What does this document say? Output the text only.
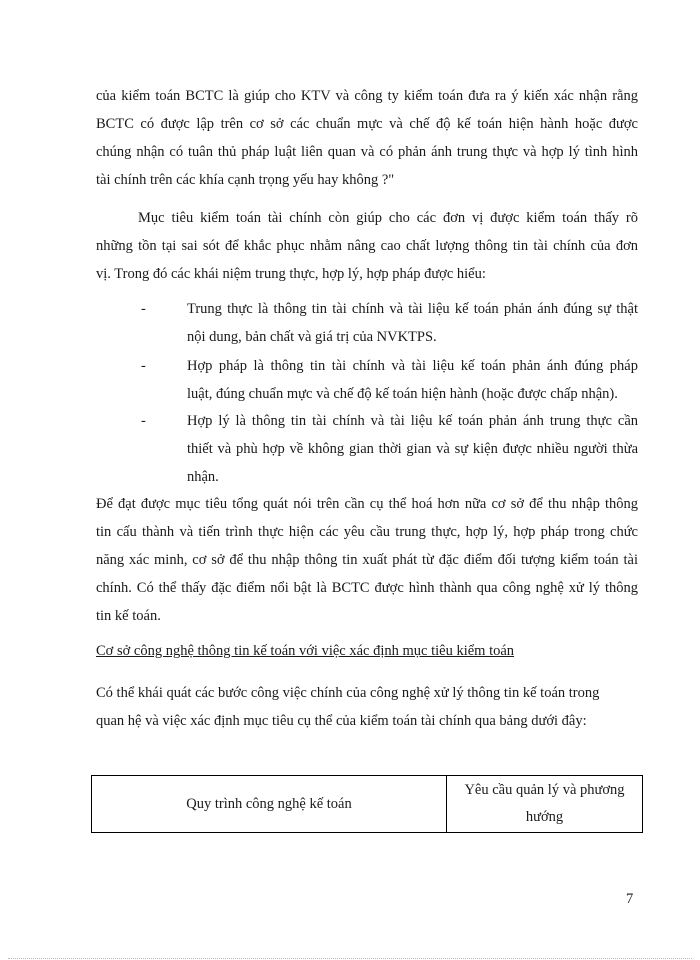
của kiểm toán BCTC là giúp cho KTV và công ty kiểm toán đưa ra ý kiến xác nhận rằng
BCTC có được lập trên cơ sở các chuẩn mực và chế độ kế toán hiện hành hoặc được
chúng nhận có tuân thủ pháp luật liên quan và có phản ánh trung thực và hợp lý tình hình
tài chính trên các khía cạnh trọng yếu hay không ?"
Mục tiêu kiểm toán tài chính còn giúp cho các đơn vị được kiểm toán thấy rõ
những tồn tại sai sót để khắc phục nhằm nâng cao chất lượng thông tin tài chính của đơn
vị. Trong đó các khái niệm trung thực, hợp lý, hợp pháp được hiểu:
-	Trung thực là thông tin tài chính và tài liệu kế toán phản ánh đúng sự thật
nội dung, bản chất và giá trị của NVKTPS.
-	Hợp pháp là thông tin tài chính và tài liệu kế toán phản ánh đúng pháp
luật, đúng chuẩn mực và chế độ kế toán hiện hành (hoặc được chấp nhận).
-	Hợp lý là thông tin tài chính và tài liệu kế toán phản ánh trung thực cần
thiết và phù hợp về không gian thời gian và sự kiện được nhiều người thừa
nhận.
Để đạt được mục tiêu tổng quát nói trên cần cụ thể hoá hơn nữa cơ sở để thu nhập thông
tin cấu thành và tiến trình thực hiện các yêu cầu trung thực, hợp lý, hợp pháp trong chức
năng xác minh, cơ sở để thu nhập thông tin xuất phát từ đặc điểm đối tượng kiểm toán tài
chính. Có thể thấy đặc điểm nổi bật là BCTC được hình thành qua công nghệ xử lý thông
tin kế toán.
Cơ sở công nghệ thông tin kế toán với việc xác định mục tiêu kiểm toán
Có thể khái quát các bước công việc chính của công nghệ xử lý thông tin kế toán trong
quan hệ và việc xác định mục tiêu cụ thể của kiểm toán tài chính qua bảng dưới đây:
Quy trình công nghệ kế toán	Yêu cầu quản lý và phương
hướng
7
